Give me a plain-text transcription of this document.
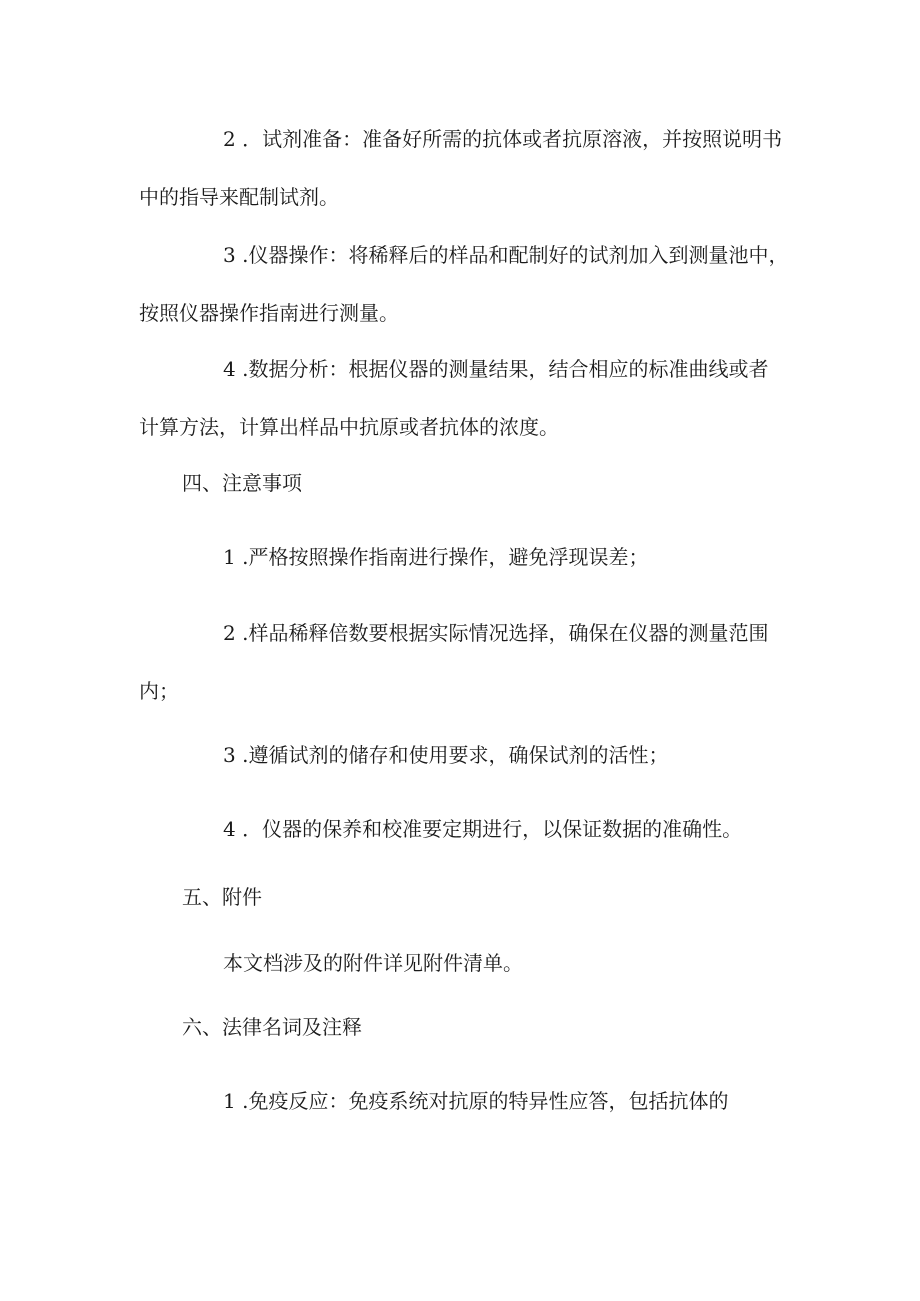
2 ．试剂准备：准备好所需的抗体或者抗原溶液，并按照说明书
中的指导来配制试剂。
3 .仪器操作：将稀释后的样品和配制好的试剂加入到测量池中，
按照仪器操作指南进行测量。
4 .数据分析：根据仪器的测量结果，结合相应的标准曲线或者
计算方法，计算出样品中抗原或者抗体的浓度。
四、注意事项
1 .严格按照操作指南进行操作，避免浮现误差；
2 .样品稀释倍数要根据实际情况选择，确保在仪器的测量范围
内；
3 .遵循试剂的储存和使用要求，确保试剂的活性；
4 ．仪器的保养和校准要定期进行，以保证数据的准确性。
五、附件
本文档涉及的附件详见附件清单。
六、法律名词及注释
1 .免疫反应：免疫系统对抗原的特异性应答，包括抗体的
